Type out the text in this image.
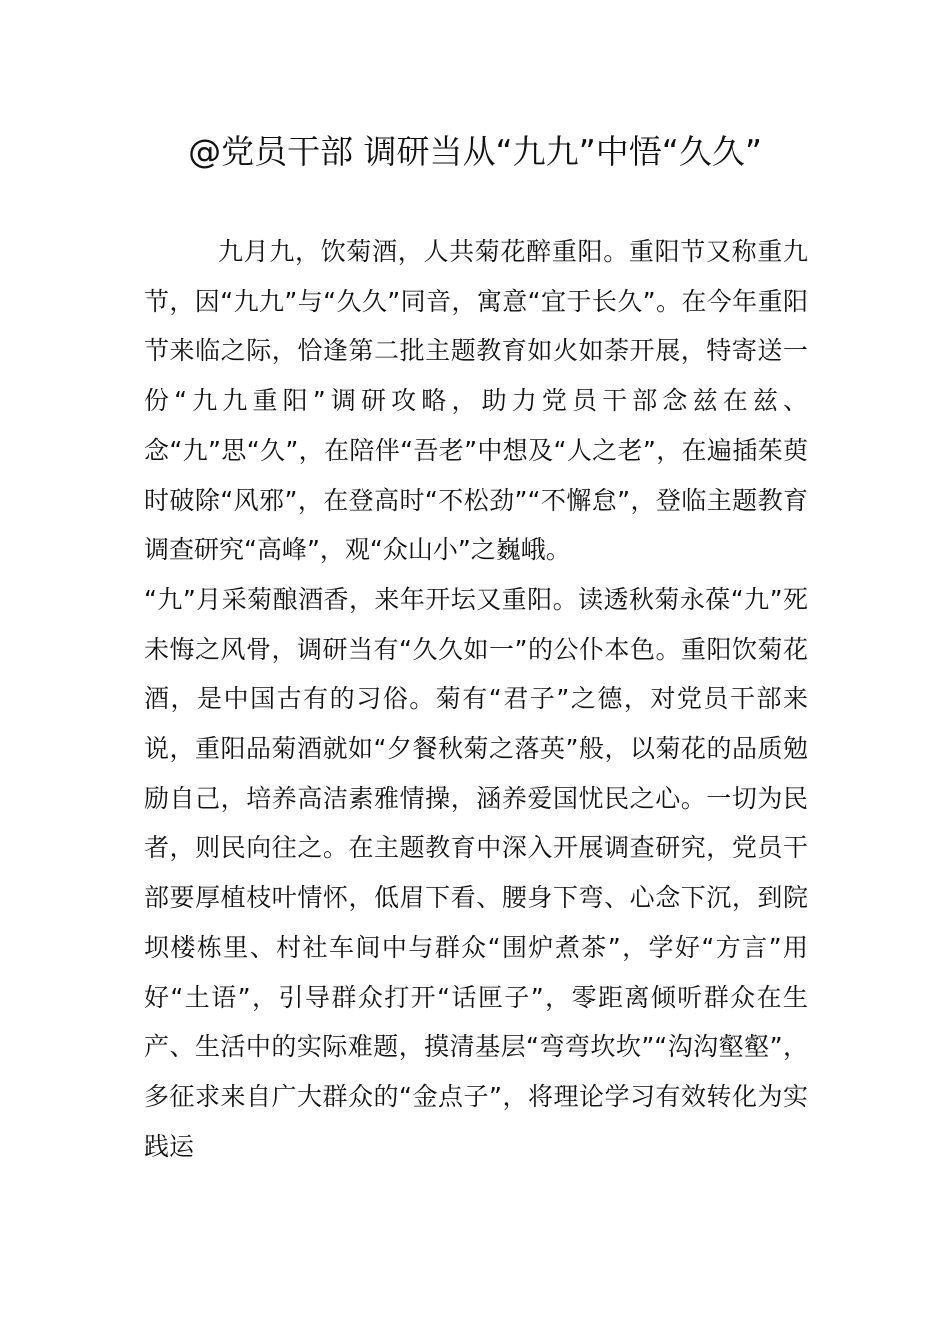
@党员干部 调研当从“九九”中悟“久久”

九月九，饮菊酒，人共菊花醉重阳。重阳节又称重九节，因“九九”与“久久”同音，寓意“宜于长久”。在今年重阳节来临之际，恰逢第二批主题教育如火如荼开展，特寄送一份“九九重阳”调研攻略，助力党员干部念兹在兹、念“九”思“久”，在陪伴“吾老”中想及“人之老”，在遍插茱萸时破除“风邪”，在登高时“不松劲”“不懈怠”，登临主题教育调查研究“高峰”，观“众山小”之巍峨。

“九”月采菊酿酒香，来年开坛又重阳。读透秋菊永葆“九”死未悔之风骨，调研当有“久久如一”的公仆本色。重阳饮菊花酒，是中国古有的习俗。菊有“君子”之德，对党员干部来说，重阳品菊酒就如“夕餐秋菊之落英”般，以菊花的品质勉励自己，培养高洁素雅情操，涵养爱国忧民之心。一切为民者，则民向往之。在主题教育中深入开展调查研究，党员干部要厚植枝叶情怀，低眉下看、腰身下弯、心念下沉，到院坝楼栋里、村社车间中与群众“围炉煮茶”，学好“方言”用好“土语”，引导群众打开“话匣子”，零距离倾听群众在生产、生活中的实际难题，摸清基层“弯弯坎坎”“沟沟壑壑”，多征求来自广大群众的“金点子”，将理论学习有效转化为实践运
